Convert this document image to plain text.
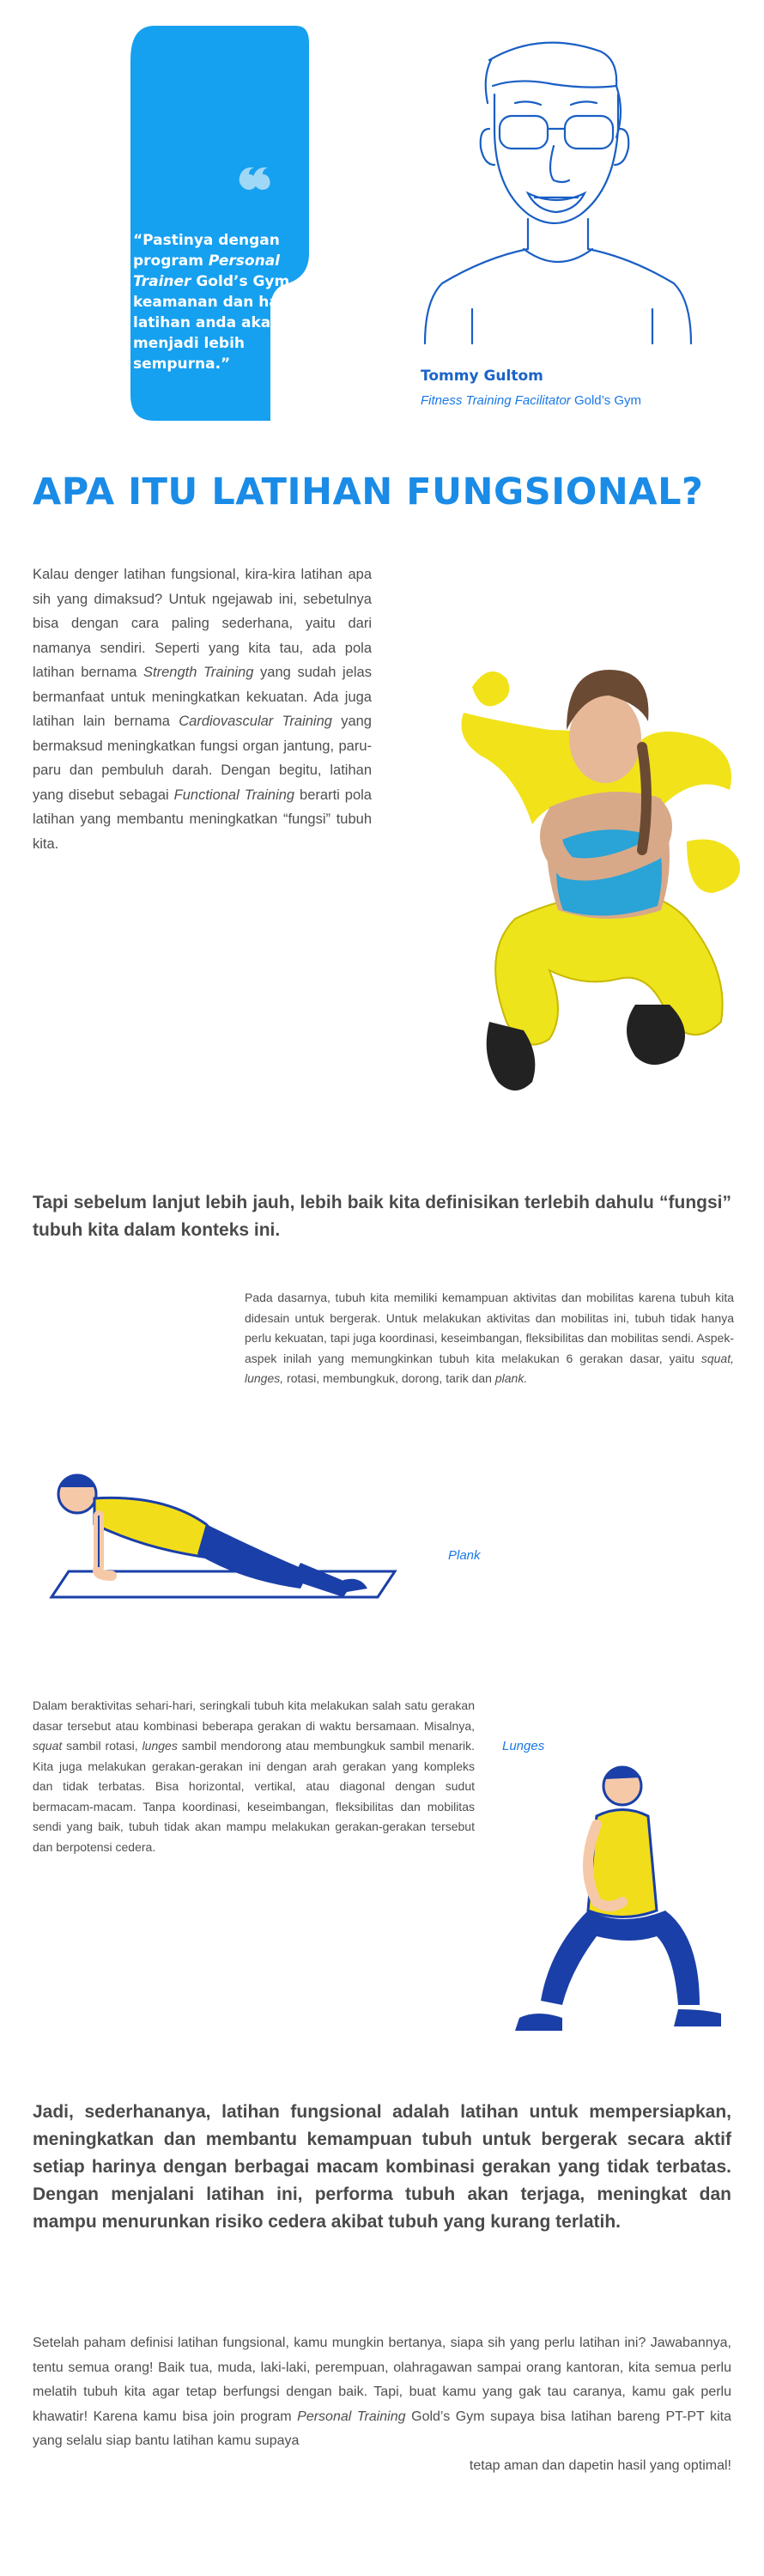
“Pastinya dengan program Personal Trainer Gold’s Gym, keamanan dan hasil latihan anda akan menjadi lebih sempurna.”
Tommy Gultom
Fitness Training Facilitator Gold’s Gym
APA ITU LATIHAN FUNGSIONAL?
Kalau denger latihan fungsional, kira-kira latihan apa sih yang dimaksud? Untuk ngejawab ini, sebetulnya bisa dengan cara paling sederhana, yaitu dari namanya sendiri. Seperti yang kita tau, ada pola latihan bernama Strength Training yang sudah jelas bermanfaat untuk meningkatkan kekuatan. Ada juga latihan lain bernama Cardiovascular Training yang bermaksud meningkatkan fungsi organ jantung, paru-paru dan pembuluh darah. Dengan begitu, latihan yang disebut sebagai Functional Training berarti pola latihan yang membantu meningkatkan “fungsi” tubuh kita.
Tapi sebelum lanjut lebih jauh, lebih baik kita definisikan terlebih dahulu “fungsi” tubuh kita dalam konteks ini.
Pada dasarnya, tubuh kita memiliki kemampuan aktivitas dan mobilitas karena tubuh kita didesain untuk bergerak. Untuk melakukan aktivitas dan mobilitas ini, tubuh tidak hanya perlu kekuatan, tapi juga koordinasi, keseimbangan, fleksibilitas dan mobilitas sendi. Aspek-aspek inilah yang memungkinkan tubuh kita melakukan 6 gerakan dasar, yaitu squat, lunges, rotasi, membungkuk, dorong, tarik dan plank.
Plank
Dalam beraktivitas sehari-hari, seringkali tubuh kita melakukan salah satu gerakan dasar tersebut atau kombinasi beberapa gerakan di waktu bersamaan. Misalnya, squat sambil rotasi, lunges sambil mendorong atau membungkuk sambil menarik. Kita juga melakukan gerakan-gerakan ini dengan arah gerakan yang kompleks dan tidak terbatas. Bisa horizontal, vertikal, atau diagonal dengan sudut bermacam-macam. Tanpa koordinasi, keseimbangan, fleksibilitas dan mobilitas sendi yang baik, tubuh tidak akan mampu melakukan gerakan-gerakan tersebut dan berpotensi cedera.
Lunges
Jadi, sederhananya, latihan fungsional adalah latihan untuk mempersiapkan, meningkatkan dan membantu kemampuan tubuh untuk bergerak secara aktif setiap harinya dengan berbagai macam kombinasi gerakan yang tidak terbatas. Dengan menjalani latihan ini, performa tubuh akan terjaga, meningkat dan mampu menurunkan risiko cedera akibat tubuh yang kurang terlatih.
Setelah paham definisi latihan fungsional, kamu mungkin bertanya, siapa sih yang perlu latihan ini? Jawabannya, tentu semua orang! Baik tua, muda, laki-laki, perempuan, olahragawan sampai orang kantoran, kita semua perlu melatih tubuh kita agar tetap berfungsi dengan baik. Tapi, buat kamu yang gak tau caranya, kamu gak perlu khawatir! Karena kamu bisa join program Personal Training Gold’s Gym supaya bisa latihan bareng PT-PT kita yang selalu siap bantu latihan kamu supaya
tetap aman dan dapetin hasil yang optimal!
